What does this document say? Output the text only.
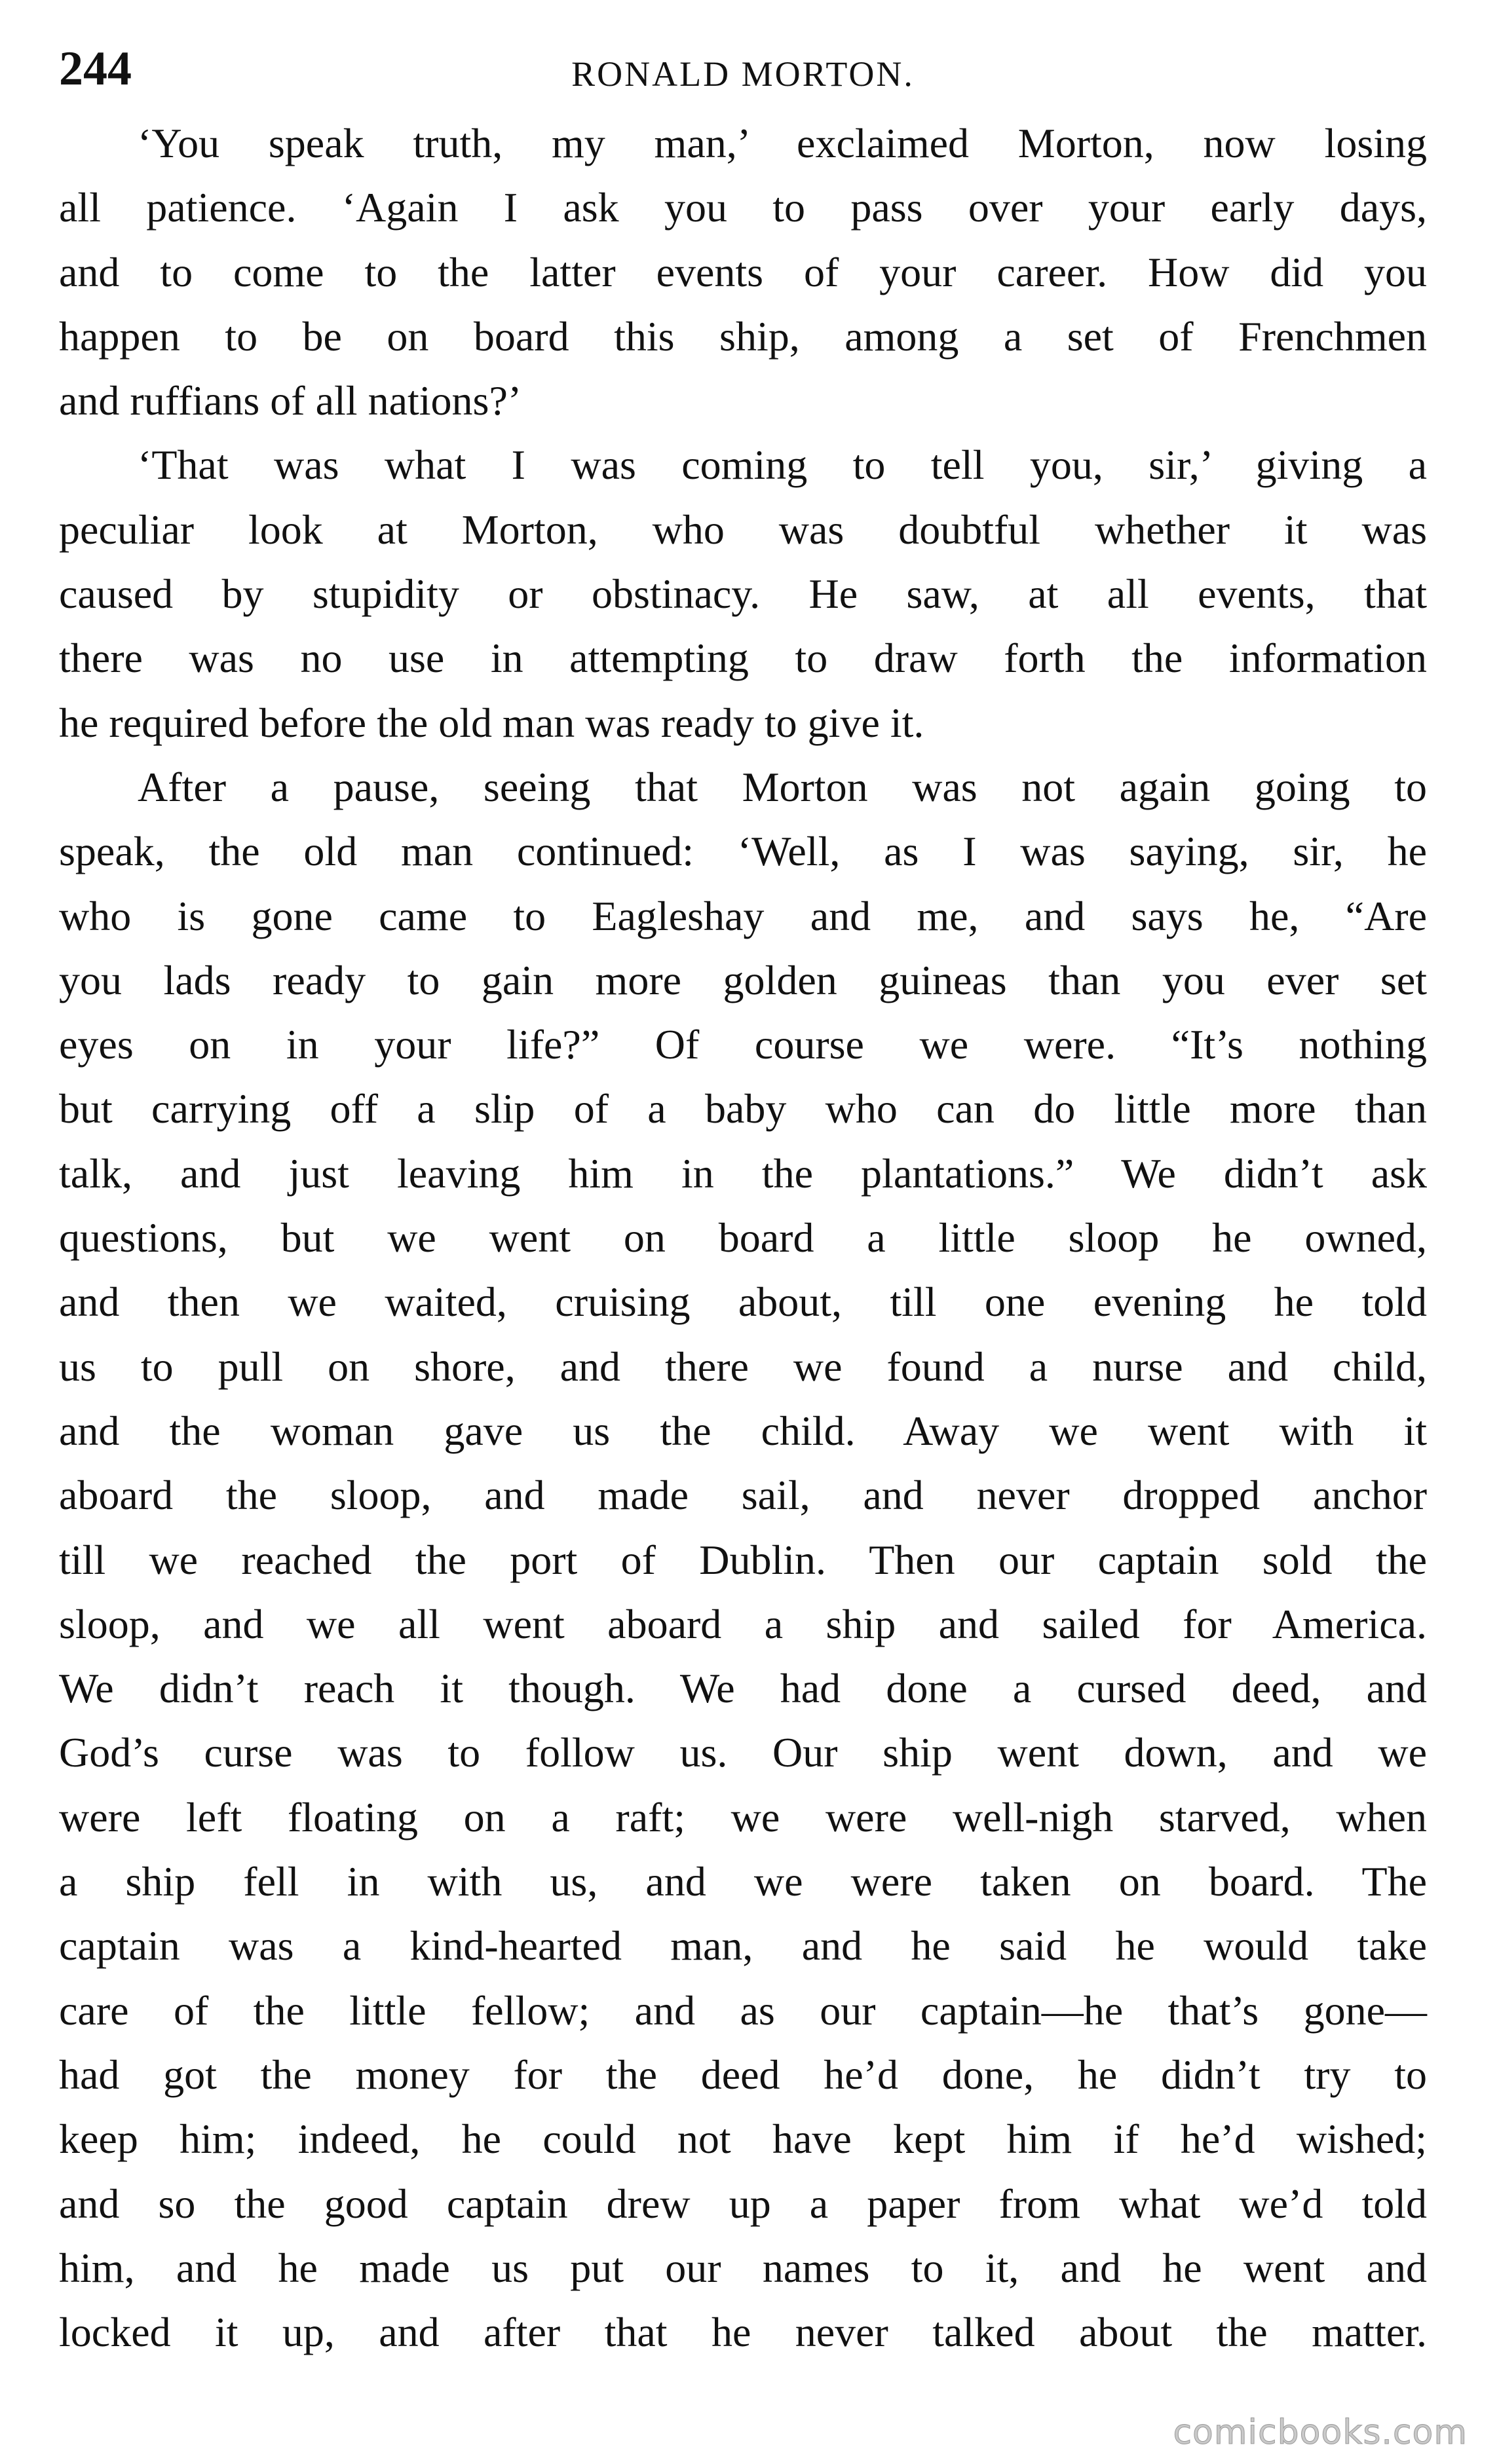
244	RONALD MORTON.
‘You speak truth, my man,’ exclaimed Morton, now losing
all patience. ‘Again I ask you to pass over your early days,
and to come to the latter events of your career. How did you
happen to be on board this ship, among a set of Frenchmen
and ruffians of all nations?’
‘That was what I was coming to tell you, sir,’ giving a
peculiar look at Morton, who was doubtful whether it was
caused by stupidity or obstinacy. He saw, at all events, that
there was no use in attempting to draw forth the information
he required before the old man was ready to give it.
After a pause, seeing that Morton was not again going to
speak, the old man continued: ‘Well, as I was saying, sir, he
who is gone came to Eagleshay and me, and says he, “Are
you lads ready to gain more golden guineas than you ever set
eyes on in your life?” Of course we were. “It’s nothing
but carrying off a slip of a baby who can do little more than
talk, and just leaving him in the plantations.” We didn’t ask
questions, but we went on board a little sloop he owned,
and then we waited, cruising about, till one evening he told
us to pull on shore, and there we found a nurse and child,
and the woman gave us the child. Away we went with it
aboard the sloop, and made sail, and never dropped anchor
till we reached the port of Dublin. Then our captain sold the
sloop, and we all went aboard a ship and sailed for America.
We didn’t reach it though. We had done a cursed deed, and
God’s curse was to follow us. Our ship went down, and we
were left floating on a raft; we were well-nigh starved, when
a ship fell in with us, and we were taken on board. The
captain was a kind-hearted man, and he said he would take
care of the little fellow; and as our captain—he that’s gone—
had got the money for the deed he’d done, he didn’t try to
keep him; indeed, he could not have kept him if he’d wished;
and so the good captain drew up a paper from what we’d told
him, and he made us put our names to it, and he went and
locked it up, and after that he never talked about the matter.
comicbooks.com
